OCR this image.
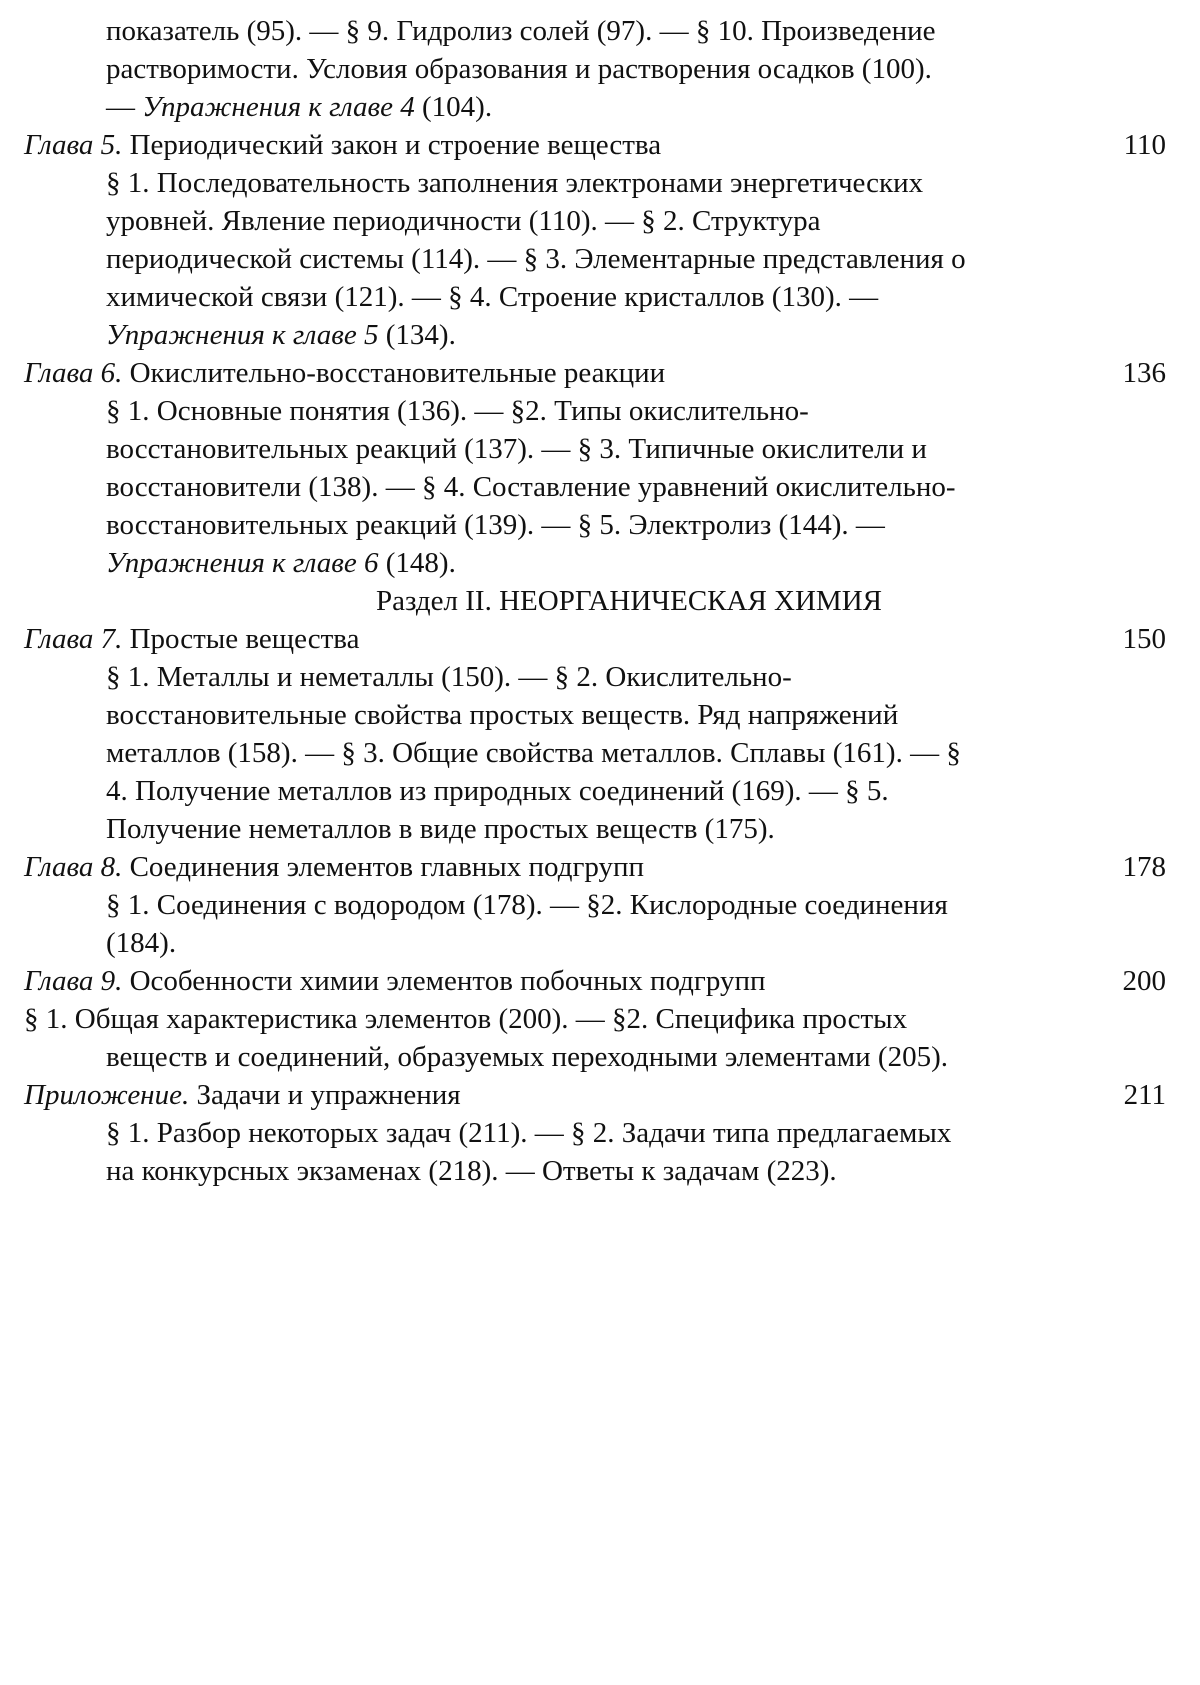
показатель (95). — § 9. Гидролиз солей (97). — § 10. Произведение
растворимости. Условия образования и растворения осадков (100).
— Упражнения к главе 4 (104).
Глава 5. Периодический закон и строение вещества	110
§ 1. Последовательность заполнения электронами энергетических
уровней. Явление периодичности (110). — § 2. Структура
периодической системы (114). — § 3. Элементарные представления о
химической связи (121). — § 4. Строение кристаллов (130). —
Упражнения к главе 5 (134).
Глава 6. Окислительно-восстановительные реакции	136
§ 1. Основные понятия (136). — §2. Типы окислительно-
восстановительных реакций (137). — § 3. Типичные окислители и
восстановители (138). — § 4. Составление уравнений окислительно-
восстановительных реакций (139). — § 5. Электролиз (144). —
Упражнения к главе 6 (148).
Раздел II. НЕОРГАНИЧЕСКАЯ ХИМИЯ
Глава 7. Простые вещества	150
§ 1. Металлы и неметаллы (150). — § 2. Окислительно-
восстановительные свойства простых веществ. Ряд напряжений
металлов (158). — § 3. Общие свойства металлов. Сплавы (161). — §
4. Получение металлов из природных соединений (169). — § 5.
Получение неметаллов в виде простых веществ (175).
Глава 8. Соединения элементов главных подгрупп	178
§ 1. Соединения с водородом (178). — §2. Кислородные соединения
(184).
Глава 9. Особенности химии элементов побочных подгрупп	200
§ 1. Общая характеристика элементов (200). — §2. Специфика простых
веществ и соединений, образуемых переходными элементами (205).
Приложение. Задачи и упражнения	211
§ 1. Разбор некоторых задач (211). — § 2. Задачи типа предлагаемых
на конкурсных экзаменах (218). — Ответы к задачам (223).
